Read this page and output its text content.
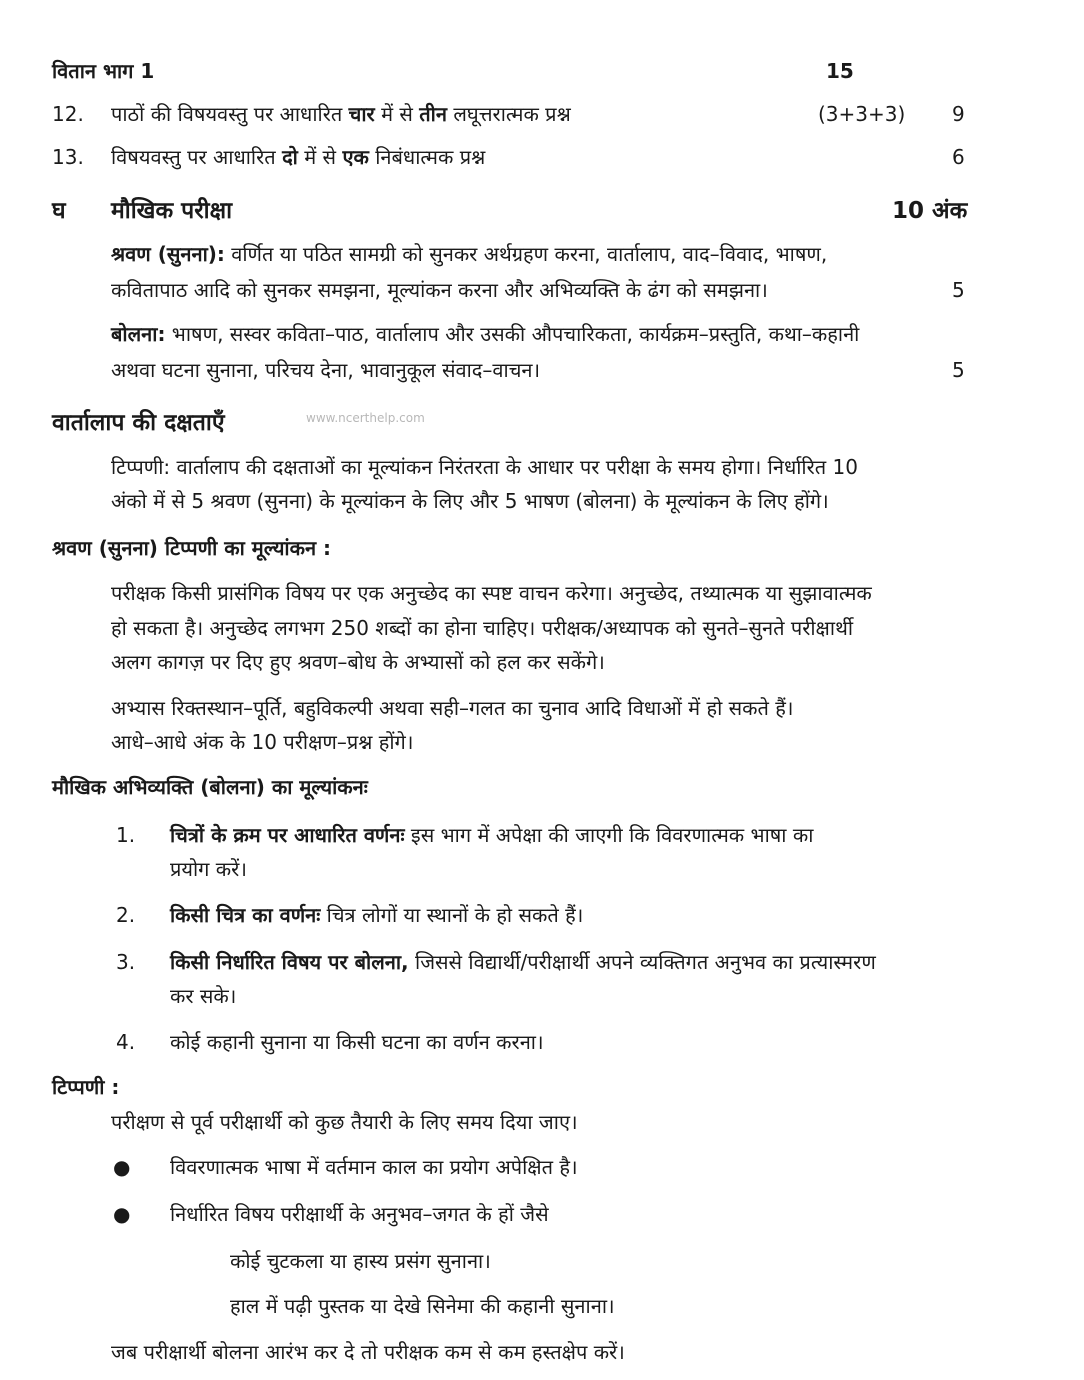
वितान भाग 1	15
12. पाठों की विषयवस्तु पर आधारित चार में से तीन लघूत्तरात्मक प्रश्न	(3+3+3) 9
13. विषयवस्तु पर आधारित दो में से एक निबंधात्मक प्रश्न	6
घ मौखिक परीक्षा	10 अंक
श्रवण (सुनना): वर्णित या पठित सामग्री को सुनकर अर्थग्रहण करना, वार्तालाप, वाद–विवाद, भाषण,
कवितापाठ आदि को सुनकर समझना, मूल्यांकन करना और अभिव्यक्ति के ढंग को समझना।	5
बोलना: भाषण, सस्वर कविता–पाठ, वार्तालाप और उसकी औपचारिकता, कार्यक्रम–प्रस्तुति, कथा–कहानी
अथवा घटना सुनाना, परिचय देना, भावानुकूल संवाद–वाचन।	5
वार्तालाप की दक्षताएँ	www.ncerthelp.com
टिप्पणी: वार्तालाप की दक्षताओं का मूल्यांकन निरंतरता के आधार पर परीक्षा के समय होगा। निर्धारित 10
अंको में से 5 श्रवण (सुनना) के मूल्यांकन के लिए और 5 भाषण (बोलना) के मूल्यांकन के लिए होंगे।
श्रवण (सुनना) टिप्पणी का मूल्यांकन :
परीक्षक किसी प्रासंगिक विषय पर एक अनुच्छेद का स्पष्ट वाचन करेगा। अनुच्छेद, तथ्यात्मक या सुझावात्मक
हो सकता है। अनुच्छेद लगभग 250 शब्दों का होना चाहिए। परीक्षक/अध्यापक को सुनते–सुनते परीक्षार्थी
अलग कागज़ पर दिए हुए श्रवण–बोध के अभ्यासों को हल कर सकेंगे।
अभ्यास रिक्तस्थान–पूर्ति, बहुविकल्पी अथवा सही–गलत का चुनाव आदि विधाओं में हो सकते हैं।
आधे–आधे अंक के 10 परीक्षण–प्रश्न होंगे।
मौखिक अभिव्यक्ति (बोलना) का मूल्यांकनः
1. चित्रों के क्रम पर आधारित वर्णनः इस भाग में अपेक्षा की जाएगी कि विवरणात्मक भाषा का
प्रयोग करें।
2. किसी चित्र का वर्णनः चित्र लोगों या स्थानों के हो सकते हैं।
3. किसी निर्धारित विषय पर बोलना, जिससे विद्यार्थी/परीक्षार्थी अपने व्यक्तिगत अनुभव का प्रत्यास्मरण
कर सके।
4. कोई कहानी सुनाना या किसी घटना का वर्णन करना।
टिप्पणी :
परीक्षण से पूर्व परीक्षार्थी को कुछ तैयारी के लिए समय दिया जाए।
● विवरणात्मक भाषा में वर्तमान काल का प्रयोग अपेक्षित है।
● निर्धारित विषय परीक्षार्थी के अनुभव–जगत के हों जैसे
कोई चुटकला या हास्य प्रसंग सुनाना।
हाल में पढ़ी पुस्तक या देखे सिनेमा की कहानी सुनाना।
जब परीक्षार्थी बोलना आरंभ कर दे तो परीक्षक कम से कम हस्तक्षेप करें।
